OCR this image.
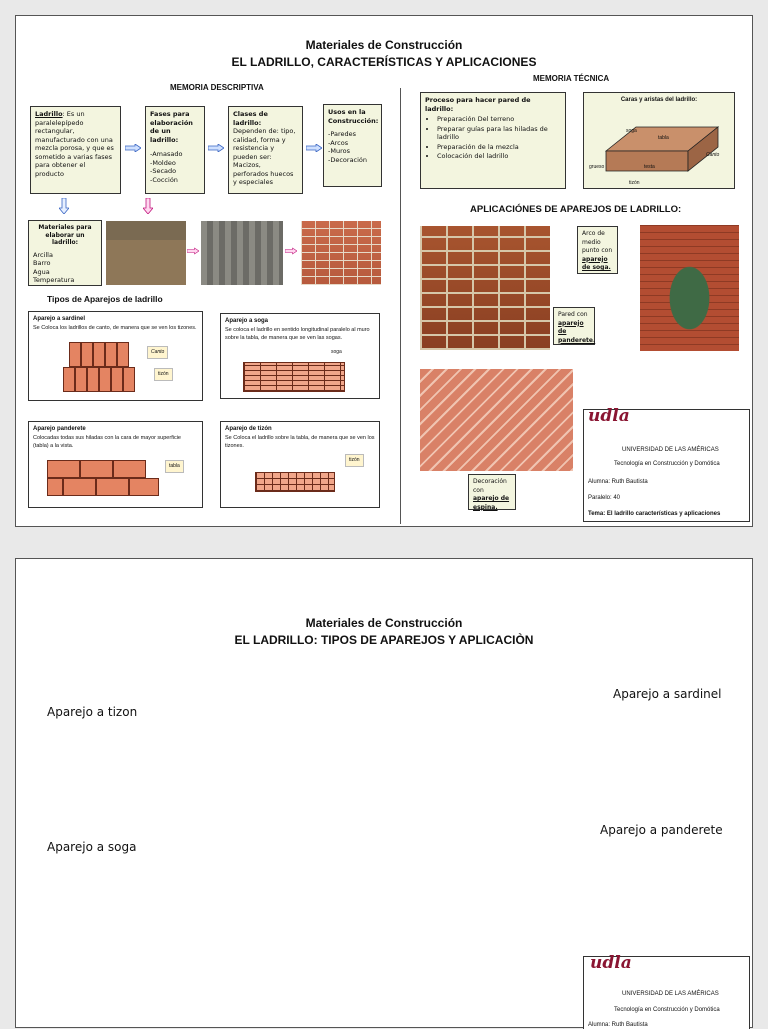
Materiales de Construcción
EL LADRILLO, CARACTERÍSTICAS Y APLICACIONES
MEMORIA DESCRIPTIVA
MEMORIA TÉCNICA
Ladrillo: Es un paralelepípedo rectangular, manufacturado con una mezcla porosa, y que es sometido a varias fases para obtener el producto
Fases para elaboración de un ladrillo:
-Amasado
-Moldeo
-Secado
-Cocción
Clases de ladrillo:
Dependen de: tipo, calidad, forma y resistencia y pueden ser: Macizos, perforados huecos y especiales
Usos en la Construcción:
-Paredes
-Arcos
-Muros
-Decoración
Materiales para elaborar un ladrillo:
Arcilla
Barro
Agua
Temperatura
Tipos de Aparejos de ladrillo
Aparejo a sardinel
Se Coloca los ladrillos de canto, de manera que se ven los tizones.
Canto
tizón
Aparejo a soga
Se coloca el ladrillo en sentido longitudinal paralelo al muro sobre la tabla, de manera que se ven las sogas.
soga
Aparejo panderete
Colocadas todas sus hiladas con la cara de mayor superficie (tabla) a la vista.
tabla
Aparejo de tizón
Se Coloca el ladrillo sobre la tabla, de manera que se ven los tizones.
tizón
Proceso para hacer pared de ladrillo:
• Preparación Del terreno
• Preparar guías para las hiladas de ladrillo
• Preparación de la mezcla
• Colocación del ladrillo
Caras y aristas del ladrillo:
soga
tabla
grueso	testa
Canto
tizón
APLICACIÓNES DE APAREJOS DE LADRILLO:
Pared con aparejo de panderete.
Arco de medio punto con aparejo de soga.
Decoración con aparejo de espina.
udla
UNIVERSIDAD DE LAS AMÉRICAS
Tecnología en Construcción y Domótica
Alumna: Ruth Bautista
Paralelo: 40
Tema: El ladrillo características y aplicaciones
Materiales de Construcción
EL LADRILLO: TIPOS DE APAREJOS Y APLICACIÒN
Aparejo a tizon
Aparejo a sardinel
Aparejo a soga
Aparejo a panderete
udla
UNIVERSIDAD DE LAS AMÉRICAS
Tecnología en Construcción y Domótica
Alumna: Ruth Bautista
